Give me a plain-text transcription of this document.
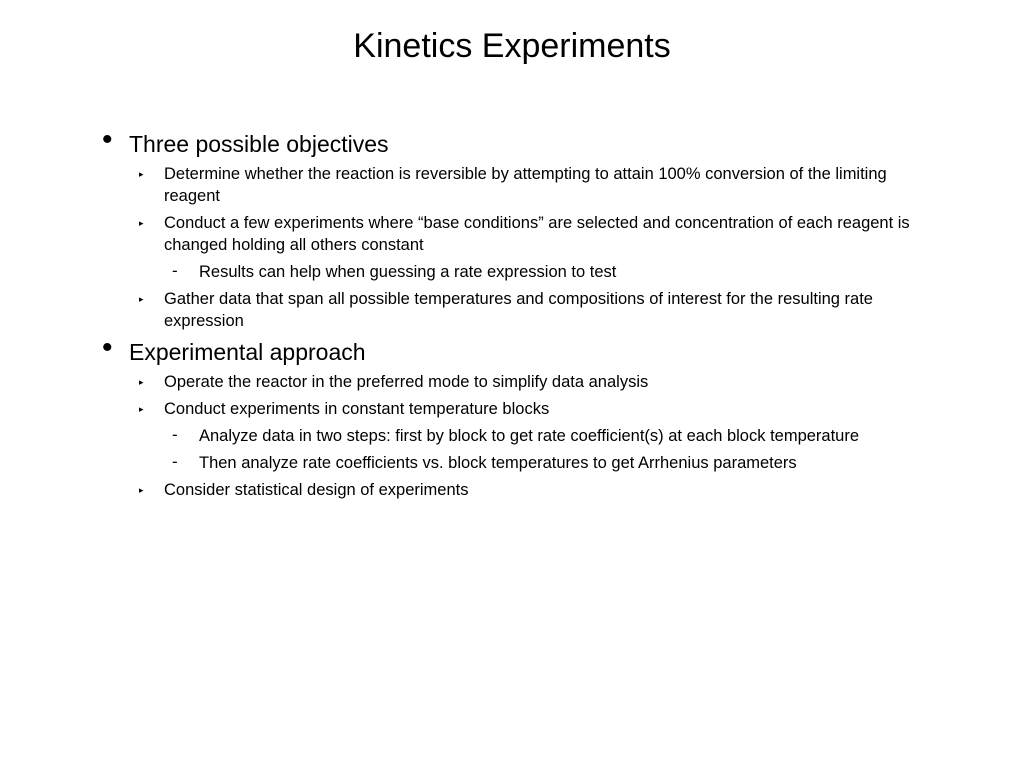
Kinetics Experiments
• Three possible objectives
▸ Determine whether the reaction is reversible by attempting to attain 100% conversion of the limiting reagent
▸ Conduct a few experiments where “base conditions” are selected and concentration of each reagent is changed holding all others constant
- Results can help when guessing a rate expression to test
▸ Gather data that span all possible temperatures and compositions of interest for the resulting rate expression
• Experimental approach
▸ Operate the reactor in the preferred mode to simplify data analysis
▸ Conduct experiments in constant temperature blocks
- Analyze data in two steps: first by block to get rate coefficient(s) at each block temperature
- Then analyze rate coefficients vs. block temperatures to get Arrhenius parameters
▸ Consider statistical design of experiments
